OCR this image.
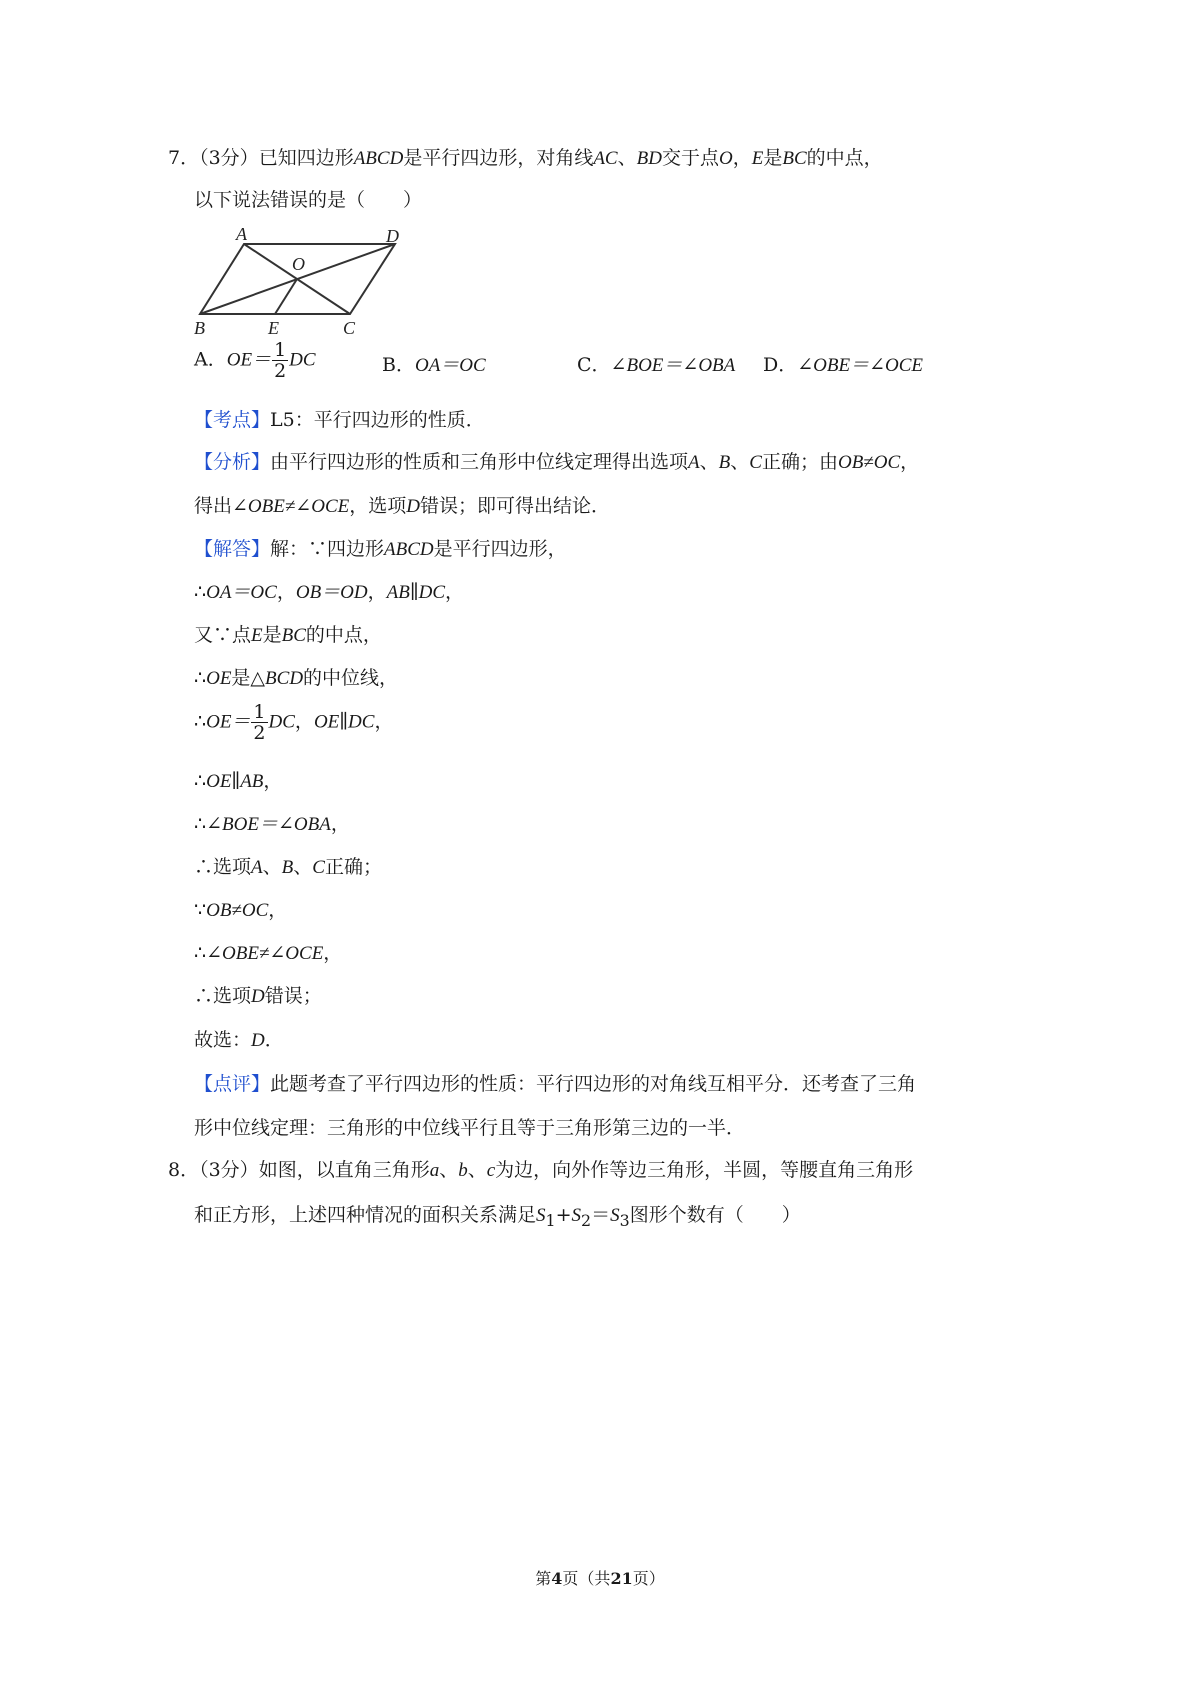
7．（3分）已知四边形ABCD是平行四边形，对角线AC、BD交于点O，E是BC的中点，
以下说法错误的是（　　）
A	D
O
B	E	C
A．$OE= \frac{1}{2}$ DC	B．OA＝OC	C．∠BOE＝∠OBA D．∠OBE＝∠OCE
【考点】L5：平行四边形的性质．
【分析】由平行四边形的性质和三角形中位线定理得出选项A、B、C正确；由OB≠OC，
得出∠OBE≠∠OCE，选项D错误；即可得出结论．
【解答】解：∵四边形ABCD是平行四边形，
∴OA＝OC，OB＝OD，AB∥DC，
又∵点E是BC的中点，
∴OE是△BCD的中位线，
∴OE＝ $\frac{1}{2}$ DC，OE∥DC，
∴OE∥AB，
∴∠BOE＝∠OBA，
∴选项A、B、C正确；
∵OB≠OC，
∴∠OBE≠∠OCE，
∴选项D错误；
故选：D．
【点评】此题考查了平行四边形的性质：平行四边形的对角线互相平分．还考查了三角
形中位线定理：三角形的中位线平行且等于三角形第三边的一半．
8．（3分）如图，以直角三角形a、b、c为边，向外作等边三角形，半圆，等腰直角三角形
和正方形，上述四种情况的面积关系满足$S_1+S_2=S_3$图形个数有（　　）
第4页（共21页）
